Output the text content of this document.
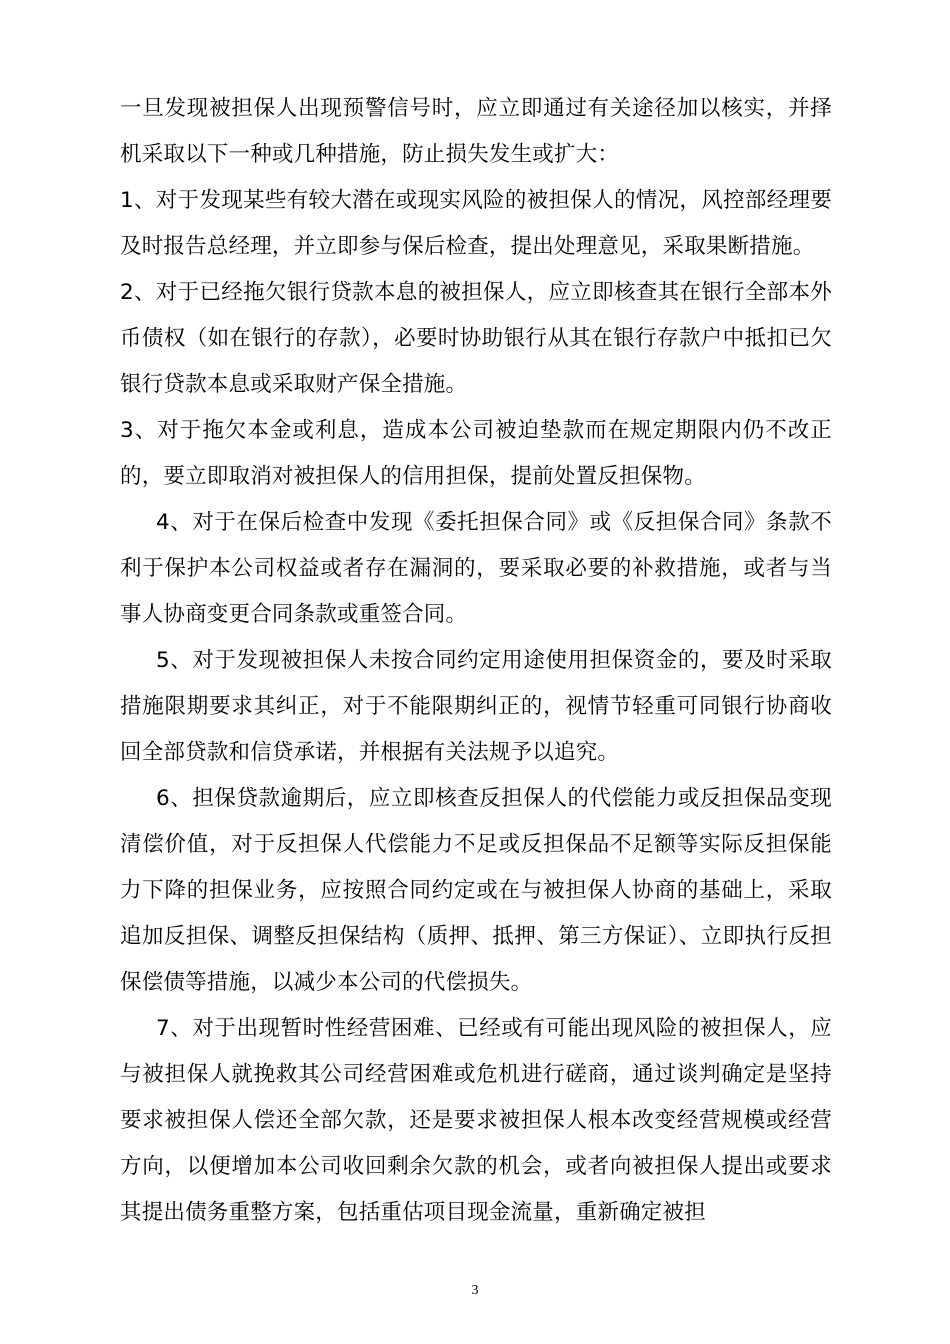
一旦发现被担保人出现预警信号时，应立即通过有关途径加以核实，并择机采取以下一种或几种措施，防止损失发生或扩大：

1、对于发现某些有较大潜在或现实风险的被担保人的情况，风控部经理要及时报告总经理，并立即参与保后检查，提出处理意见，采取果断措施。

2、对于已经拖欠银行贷款本息的被担保人，应立即核查其在银行全部本外币债权（如在银行的存款），必要时协助银行从其在银行存款户中抵扣已欠银行贷款本息或采取财产保全措施。

3、对于拖欠本金或利息，造成本公司被迫垫款而在规定期限内仍不改正的，要立即取消对被担保人的信用担保，提前处置反担保物。

4、对于在保后检查中发现《委托担保合同》或《反担保合同》条款不利于保护本公司权益或者存在漏洞的，要采取必要的补救措施，或者与当事人协商变更合同条款或重签合同。

5、对于发现被担保人未按合同约定用途使用担保资金的，要及时采取措施限期要求其纠正，对于不能限期纠正的，视情节轻重可同银行协商收回全部贷款和信贷承诺，并根据有关法规予以追究。

6、担保贷款逾期后，应立即核查反担保人的代偿能力或反担保品变现清偿价值，对于反担保人代偿能力不足或反担保品不足额等实际反担保能力下降的担保业务，应按照合同约定或在与被担保人协商的基础上，采取追加反担保、调整反担保结构（质押、抵押、第三方保证）、立即执行反担保偿债等措施，以减少本公司的代偿损失。

7、对于出现暂时性经营困难、已经或有可能出现风险的被担保人，应与被担保人就挽救其公司经营困难或危机进行磋商，通过谈判确定是坚持要求被担保人偿还全部欠款，还是要求被担保人根本改变经营规模或经营方向，以便增加本公司收回剩余欠款的机会，或者向被担保人提出或要求其提出债务重整方案，包括重估项目现金流量，重新确定被担

3
